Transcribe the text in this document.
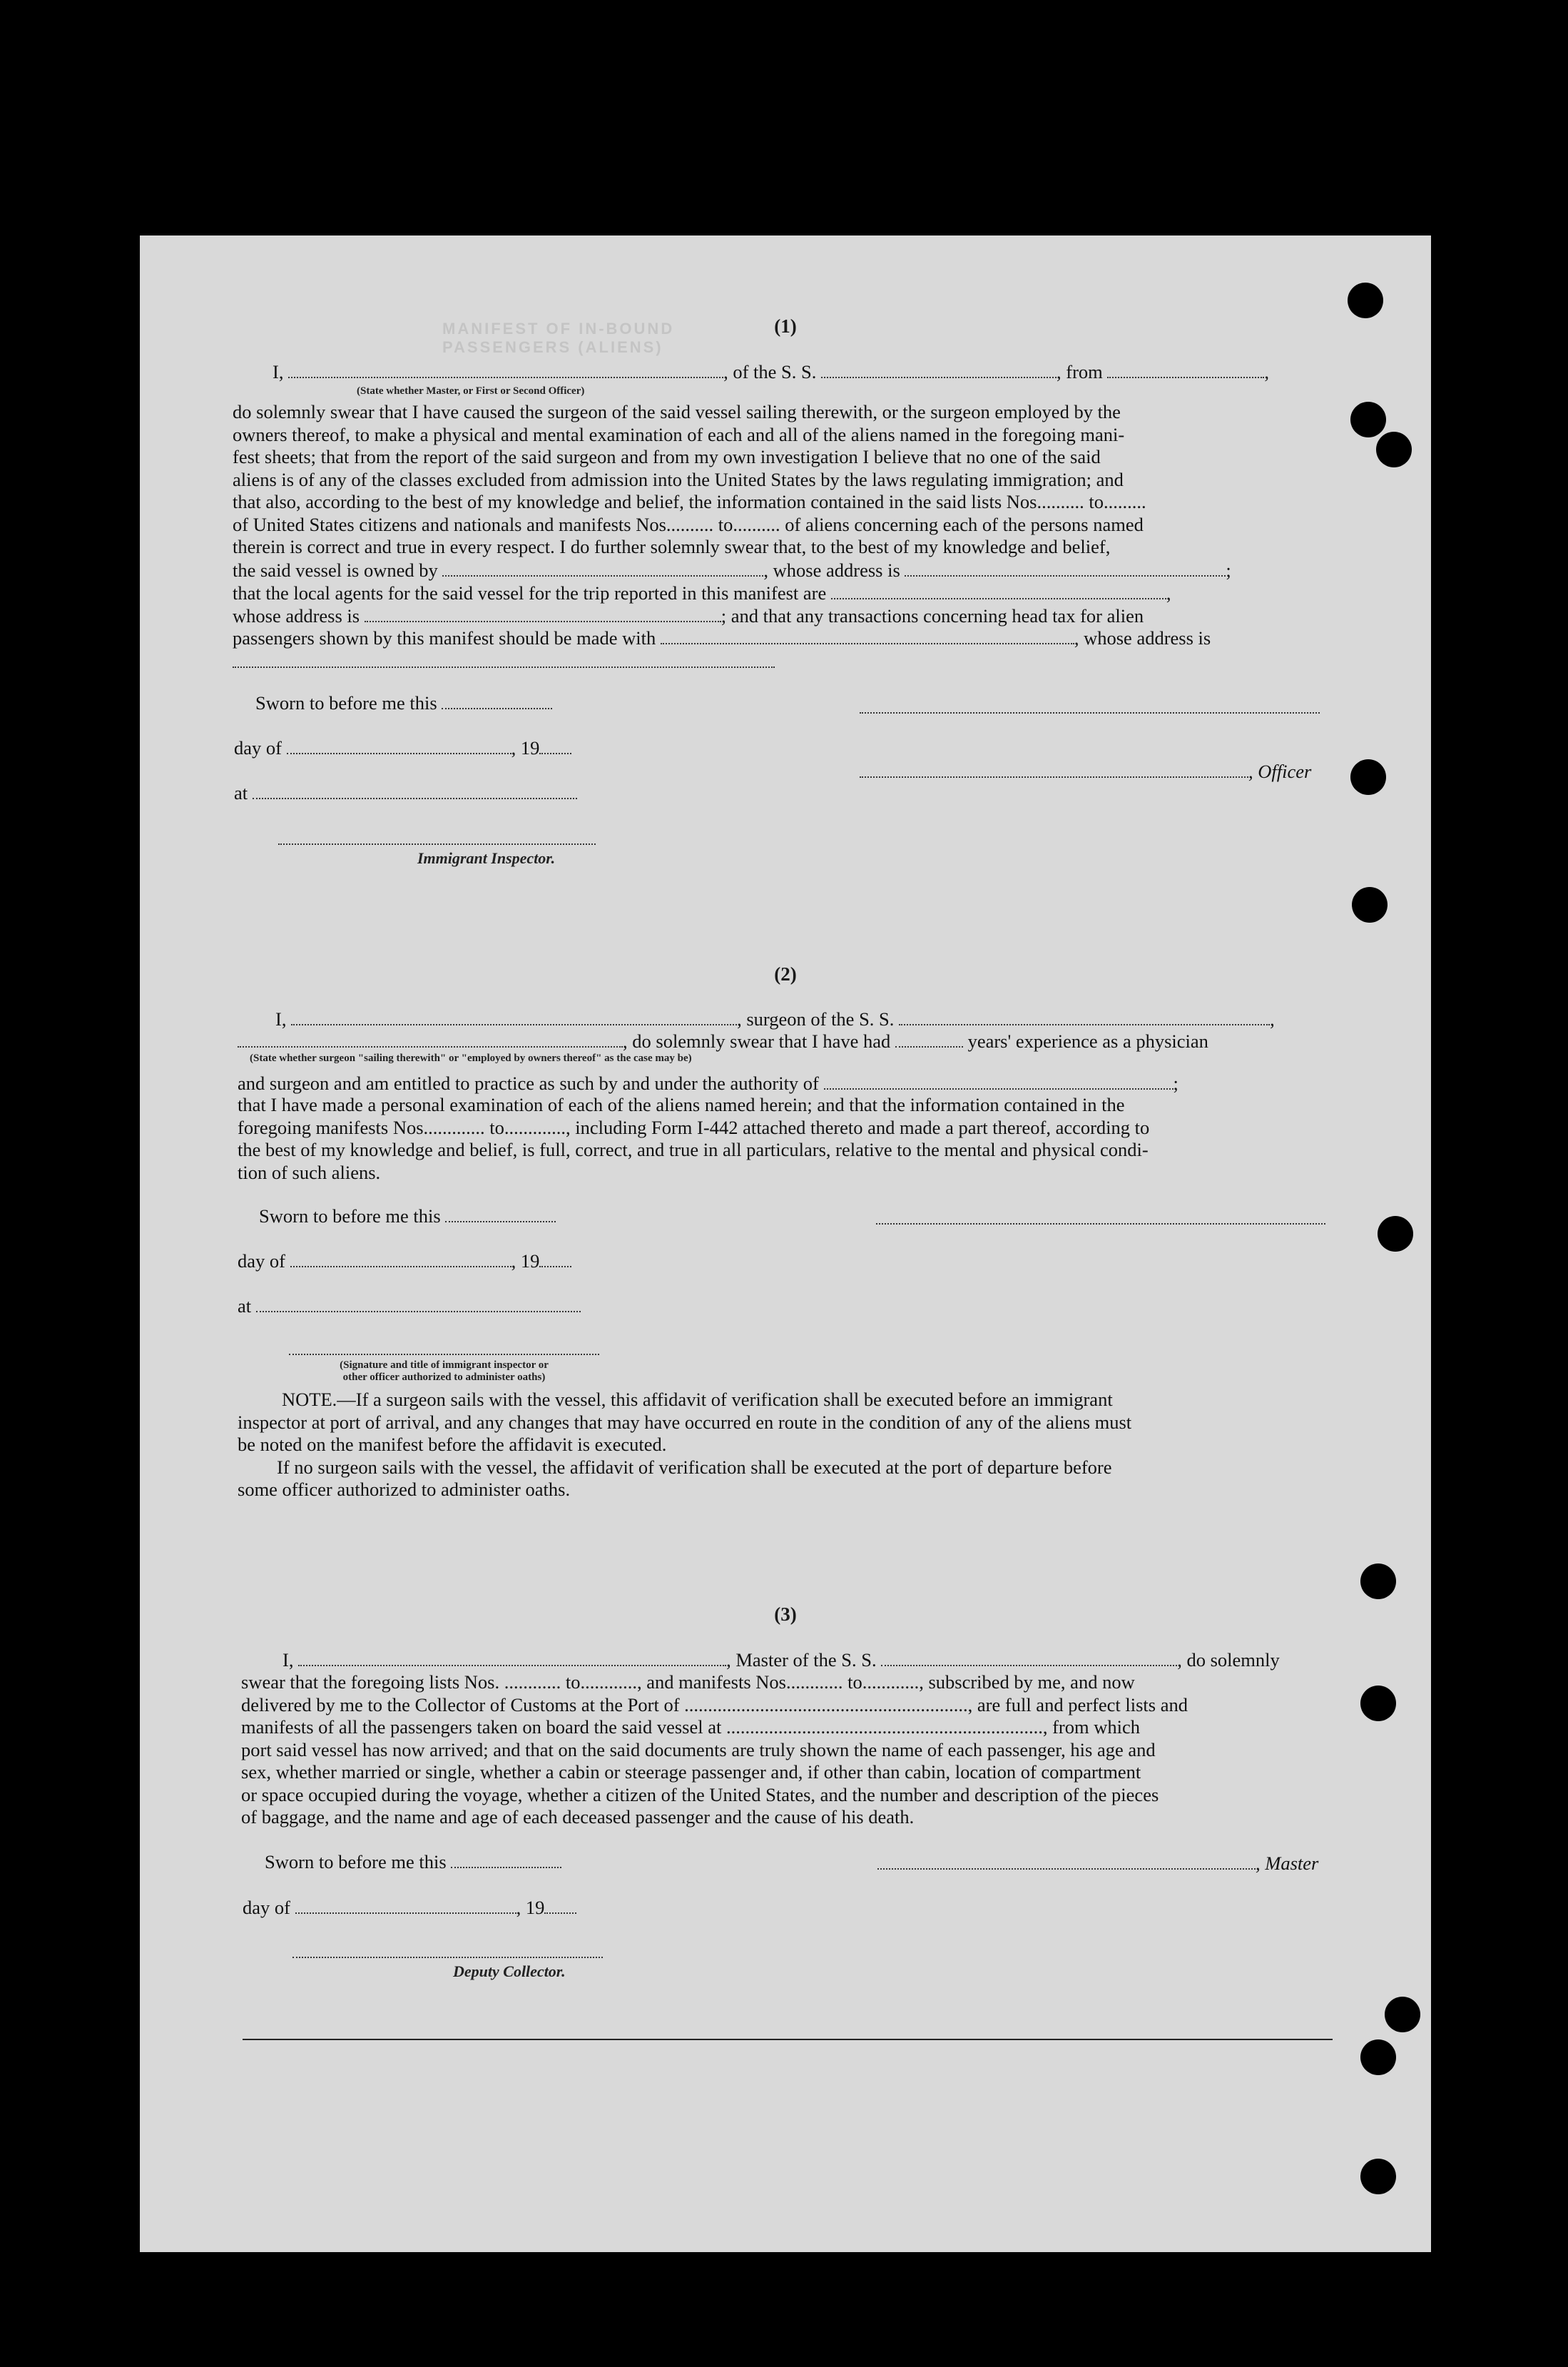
MANIFEST OF IN-BOUND PASSENGERS (ALIENS)
(1)
I,	, of the S. S.	, from	,
(State whether Master, or First or Second Officer)
do solemnly swear that I have caused the surgeon of the said vessel sailing therewith, or the surgeon employed by the
owners thereof, to make a physical and mental examination of each and all of the aliens named in the foregoing mani-
fest sheets; that from the report of the said surgeon and from my own investigation I believe that no one of the said
aliens is of any of the classes excluded from admission into the United States by the laws regulating immigration; and
that also, according to the best of my knowledge and belief, the information contained in the said lists Nos.......... to.........
of United States citizens and nationals and manifests Nos.......... to.......... of aliens concerning each of the persons named
therein is correct and true in every respect. I do further solemnly swear that, to the best of my knowledge and belief,
the said vessel is owned by	, whose address is	;
that the local agents for the said vessel for the trip reported in this manifest are	,
whose address is	; and that any transactions concerning head tax for alien
passengers shown by this manifest should be made with	, whose address is
Sworn to before me this
day of	, 19
, Officer
at
Immigrant Inspector.
(2)
I,	, surgeon of the S. S.	,
, do solemnly swear that I have had	years' experience as a physician
(State whether surgeon "sailing therewith" or "employed by owners thereof" as the case may be)
and surgeon and am entitled to practice as such by and under the authority of	;
that I have made a personal examination of each of the aliens named herein; and that the information contained in the
foregoing manifests Nos............. to............., including Form I-442 attached thereto and made a part thereof, according to
the best of my knowledge and belief, is full, correct, and true in all particulars, relative to the mental and physical condi-
tion of such aliens.
Sworn to before me this
day of	, 19
at
(Signature and title of immigrant inspector or
other officer authorized to administer oaths)
NOTE.—If a surgeon sails with the vessel, this affidavit of verification shall be executed before an immigrant
inspector at port of arrival, and any changes that may have occurred en route in the condition of any of the aliens must
be noted on the manifest before the affidavit is executed.
If no surgeon sails with the vessel, the affidavit of verification shall be executed at the port of departure before
some officer authorized to administer oaths.
(3)
I,	, Master of the S. S.	, do solemnly
swear that the foregoing lists Nos. ............ to............, and manifests Nos............ to............, subscribed by me, and now
delivered by me to the Collector of Customs at the Port of ............................................................, are full and perfect lists and
manifests of all the passengers taken on board the said vessel at ..................................................................., from which
port said vessel has now arrived; and that on the said documents are truly shown the name of each passenger, his age and
sex, whether married or single, whether a cabin or steerage passenger and, if other than cabin, location of compartment
or space occupied during the voyage, whether a citizen of the United States, and the number and description of the pieces
of baggage, and the name and age of each deceased passenger and the cause of his death.
Sworn to before me this	, Master
day of	, 19
Deputy Collector.
